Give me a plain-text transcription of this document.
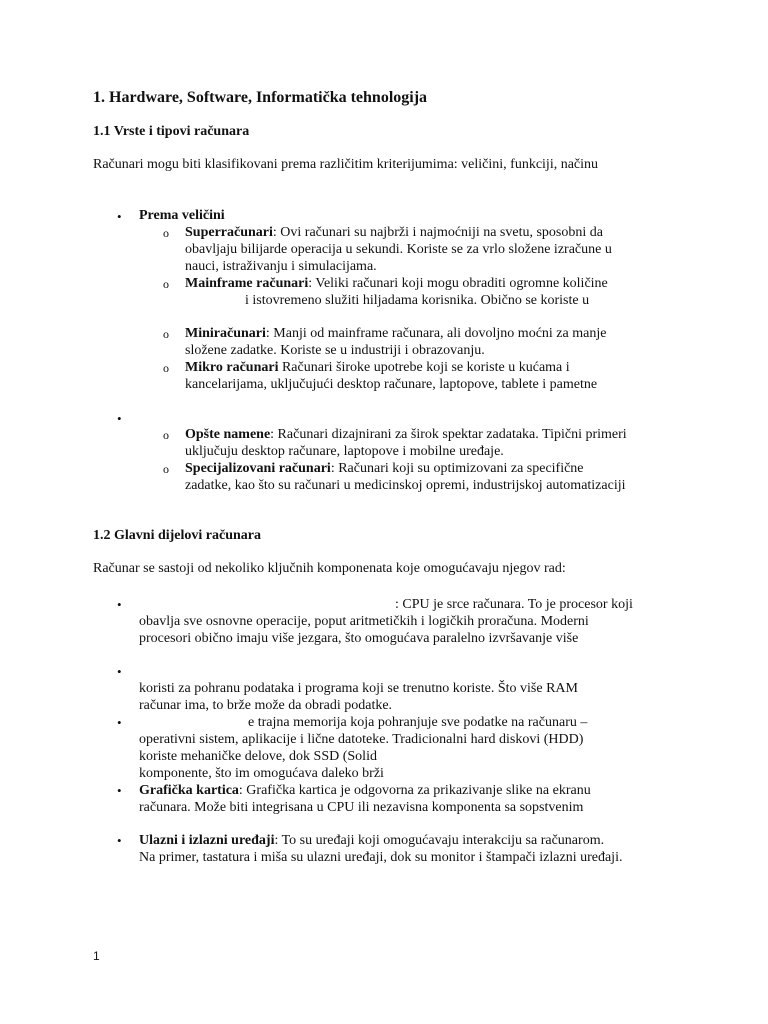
1. Hardware, Software, Informatička tehnologija
1.1 Vrste i tipovi računara
Računari mogu biti klasifikovani prema različitim kriterijumima: veličini, funkciji, načinu
• Prema veličini
o Superračunari: Ovi računari su najbrži i najmoćniji na svetu, sposobni da
obavljaju bilijarde operacija u sekundi. Koriste se za vrlo složene izračune u
nauci, istraživanju i simulacijama.
o Mainframe računari: Veliki računari koji mogu obraditi ogromne količine
i istovremeno služiti hiljadama korisnika. Obično se koriste u
o Miniračunari: Manji od mainframe računara, ali dovoljno moćni za manje
složene zadatke. Koriste se u industriji i obrazovanju.
o Mikro računari Računari široke upotrebe koji se koriste u kućama i
kancelarijama, uključujući desktop računare, laptopove, tablete i pametne
•
o Opšte namene: Računari dizajnirani za širok spektar zadataka. Tipični primeri
uključuju desktop računare, laptopove i mobilne uređaje.
o Specijalizovani računari: Računari koji su optimizovani za specifične
zadatke, kao što su računari u medicinskoj opremi, industrijskoj automatizaciji
1.2 Glavni dijelovi računara
Računar se sastoji od nekoliko ključnih komponenata koje omogućavaju njegov rad:
•	: CPU je srce računara. To je procesor koji
obavlja sve osnovne operacije, poput aritmetičkih i logičkih proračuna. Moderni
procesori obično imaju više jezgara, što omogućava paralelno izvršavanje više
•
koristi za pohranu podataka i programa koji se trenutno koriste. Što više RAM
računar ima, to brže može da obradi podatke.
•	e trajna memorija koja pohranjuje sve podatke na računaru –
operativni sistem, aplikacije i lične datoteke. Tradicionalni hard diskovi (HDD)
koriste mehaničke delove, dok SSD (Solid
komponente, što im omogućava daleko brži
• Grafička kartica: Grafička kartica je odgovorna za prikazivanje slike na ekranu
računara. Može biti integrisana u CPU ili nezavisna komponenta sa sopstvenim
• Ulazni i izlazni uređaji: To su uređaji koji omogućavaju interakciju sa računarom.
Na primer, tastatura i miša su ulazni uređaji, dok su monitor i štampači izlazni uređaji.
1
